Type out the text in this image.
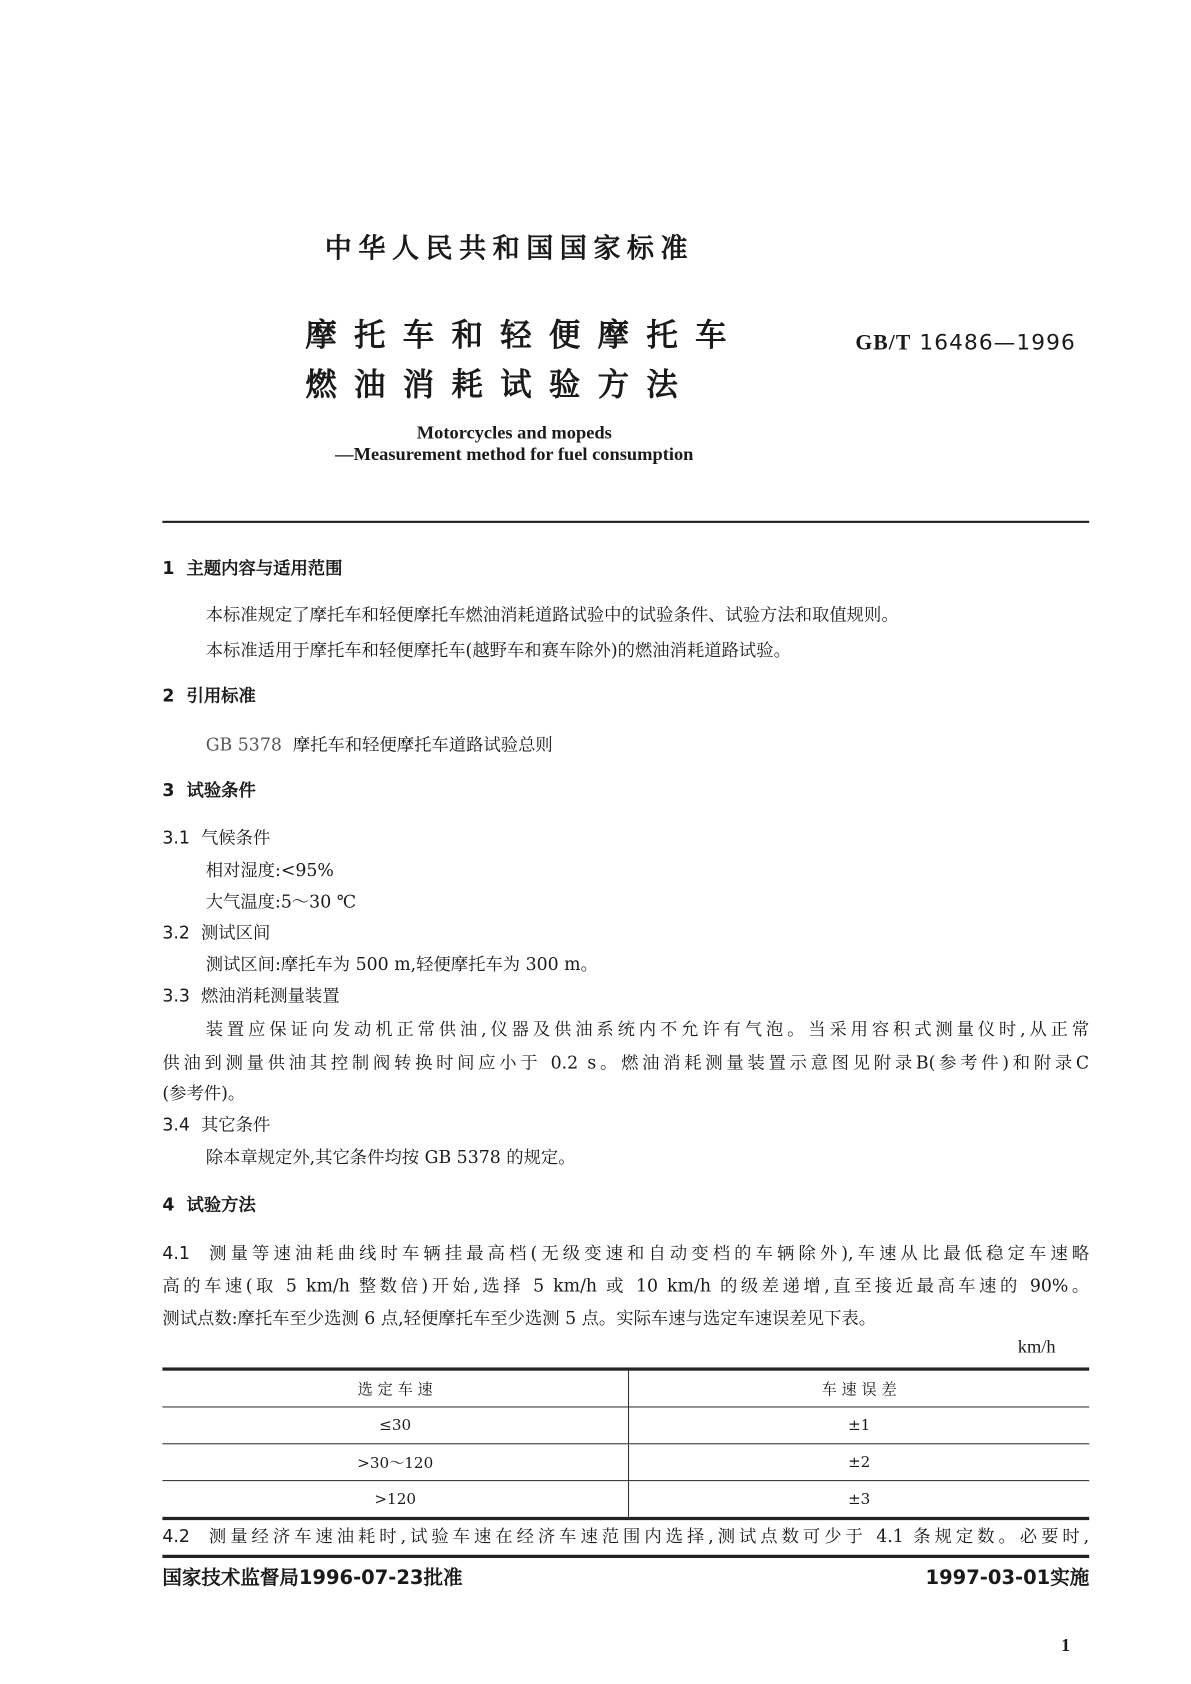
中华人民共和国国家标准
摩托车和轻便摩托车
燃油消耗试验方法
GB/T 16486—1996
Motorcycles and mopeds
—Measurement method for fuel consumption
1 主题内容与适用范围
本标准规定了摩托车和轻便摩托车燃油消耗道路试验中的试验条件、试验方法和取值规则。
本标准适用于摩托车和轻便摩托车(越野车和赛车除外)的燃油消耗道路试验。
2 引用标准
GB 5378 摩托车和轻便摩托车道路试验总则
3 试验条件
3.1 气候条件
相对湿度:<95%
大气温度:5～30 ℃
3.2 测试区间
测试区间:摩托车为 500 m,轻便摩托车为 300 m。
3.3 燃油消耗测量装置
装置应保证向发动机正常供油,仪器及供油系统内不允许有气泡。当采用容积式测量仪时,从正常
供油到测量供油其控制阀转换时间应小于 0.2 s。燃油消耗测量装置示意图见附录B(参考件)和附录C
(参考件)。
3.4 其它条件
除本章规定外,其它条件均按 GB 5378 的规定。
4 试验方法
4.1 测量等速油耗曲线时车辆挂最高档(无级变速和自动变档的车辆除外),车速从比最低稳定车速略
高的车速(取 5 km/h 整数倍)开始,选择 5 km/h 或 10 km/h 的级差递增,直至接近最高车速的 90%。
测试点数:摩托车至少选测 6 点,轻便摩托车至少选测 5 点。实际车速与选定车速误差见下表。
km/h
选 定 车 速	车 速 误 差
≤30	±1
>30～120	±2
>120	±3
4.2 测量经济车速油耗时,试验车速在经济车速范围内选择,测试点数可少于 4.1 条规定数。必要时,
国家技术监督局1996-07-23批准	1997-03-01实施
1
